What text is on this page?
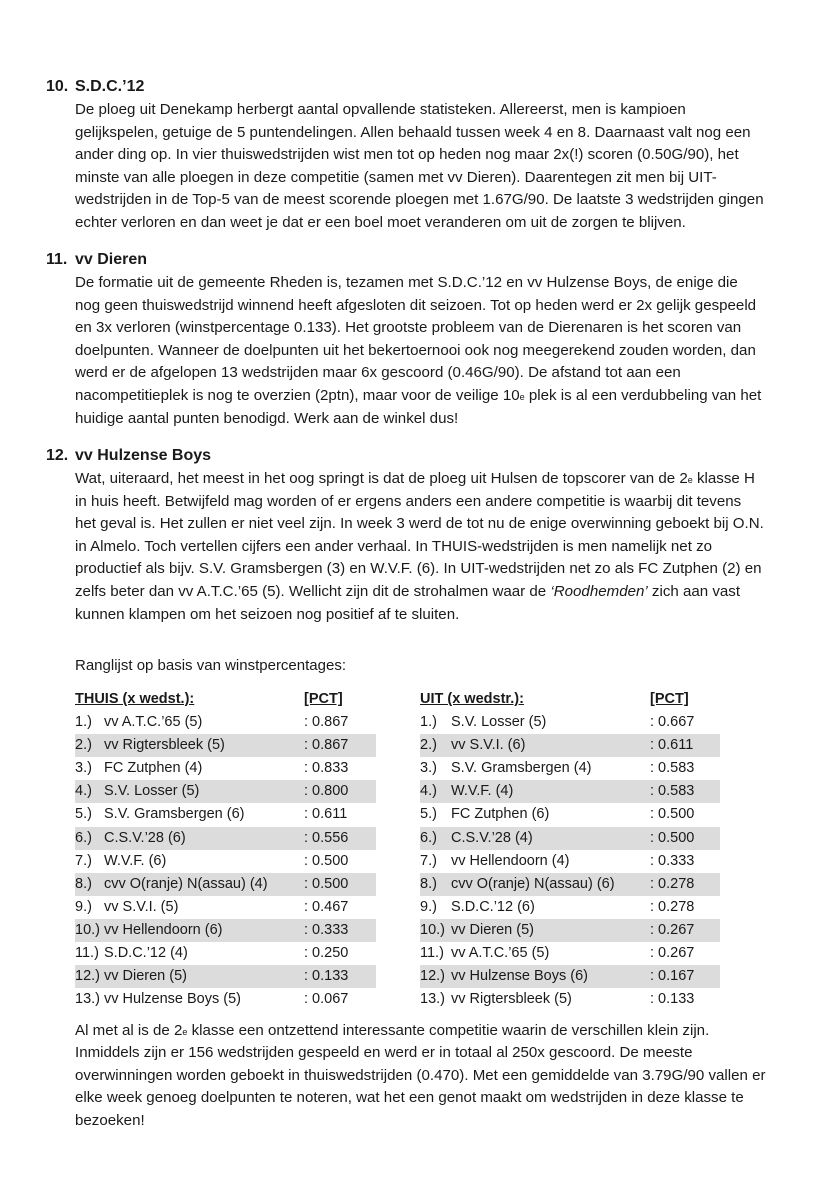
10. S.D.C.’12

De ploeg uit Denekamp herbergt aantal opvallende statisteken. Allereerst, men is kampioen gelijkspelen, getuige de 5 puntendelingen. Allen behaald tussen week 4 en 8. Daarnaast valt nog een ander ding op. In vier thuiswedstrijden wist men tot op heden nog maar 2x(!) scoren (0.50G/90), het minste van alle ploegen in deze competitie (samen met vv Dieren). Daarentegen zit men bij UIT-wedstrijden in de Top-5 van de meest scorende ploegen met 1.67G/90. De laatste 3 wedstrijden gingen echter verloren en dan weet je dat er een boel moet veranderen om uit de zorgen te blijven.

11. vv Dieren

De formatie uit de gemeente Rheden is, tezamen met S.D.C.’12 en vv Hulzense Boys, de enige die nog geen thuiswedstrijd winnend heeft afgesloten dit seizoen. Tot op heden werd er 2x gelijk gespeeld en 3x verloren (winstpercentage 0.133). Het grootste probleem van de Dierenaren is het scoren van doelpunten. Wanneer de doelpunten uit het bekertoernooi ook nog meegerekend zouden worden, dan werd er de afgelopen 13 wedstrijden maar 6x gescoord (0.46G/90). De afstand tot aan een nacompetitieplek is nog te overzien (2ptn), maar voor de veilige 10e plek is al een verdubbeling van het huidige aantal punten benodigd. Werk aan de winkel dus!

12. vv Hulzense Boys

Wat, uiteraard, het meest in het oog springt is dat de ploeg uit Hulsen de topscorer van de 2e klasse H in huis heeft. Betwijfeld mag worden of er ergens anders een andere competitie is waarbij dit tevens het geval is. Het zullen er niet veel zijn. In week 3 werd de tot nu de enige overwinning geboekt bij O.N. in Almelo. Toch vertellen cijfers een ander verhaal. In THUIS-wedstrijden is men namelijk net zo productief als bijv. S.V. Gramsbergen (3) en W.V.F. (6). In UIT-wedstrijden net zo als FC Zutphen (2) en zelfs beter dan vv A.T.C.’65 (5). Wellicht zijn dit de strohalmen waar de ‘Roodhemden’ zich aan vast kunnen klampen om het seizoen nog positief af te sluiten.

Ranglijst op basis van winstpercentages:
THUIS (x wedst.):		[PCT]
1.)	vv A.T.C.’65 (5)	: 0.867
2.)	vv Rigtersbleek (5)	: 0.867
3.)	FC Zutphen (4)	: 0.833
4.)	S.V. Losser (5)	: 0.800
5.)	S.V. Gramsbergen (6)	: 0.611
6.)	C.S.V.’28 (6)	: 0.556
7.)	W.V.F. (6)	: 0.500
8.)	cvv O(ranje) N(assau) (4)	: 0.500
9.)	vv S.V.I. (5)	: 0.467
10.)	vv Hellendoorn (6)	: 0.333
11.)	S.D.C.’12 (4)	: 0.250
12.)	vv Dieren (5)	: 0.133
13.)	vv Hulzense Boys (5)	: 0.067
UIT (x wedstr.):		[PCT]
1.)	S.V. Losser (5)	: 0.667
2.)	vv S.V.I. (6)	: 0.611
3.)	S.V. Gramsbergen (4)	: 0.583
4.)	W.V.F. (4)	: 0.583
5.)	FC Zutphen (6)	: 0.500
6.)	C.S.V.’28 (4)	: 0.500
7.)	vv Hellendoorn (4)	: 0.333
8.)	cvv O(ranje) N(assau) (6)	: 0.278
9.)	S.D.C.’12 (6)	: 0.278
10.)	vv Dieren (5)	: 0.267
11.)	vv A.T.C.’65 (5)	: 0.267
12.)	vv Hulzense Boys (6)	: 0.167
13.)	vv Rigtersbleek (5)	: 0.133

Al met al is de 2e klasse een ontzettend interessante competitie waarin de verschillen klein zijn. Inmiddels zijn er 156 wedstrijden gespeeld en werd er in totaal al 250x gescoord. De meeste overwinningen worden geboekt in thuiswedstrijden (0.470). Met een gemiddelde van 3.79G/90 vallen er elke week genoeg doelpunten te noteren, wat het een genot maakt om wedstrijden in deze klasse te bezoeken!
